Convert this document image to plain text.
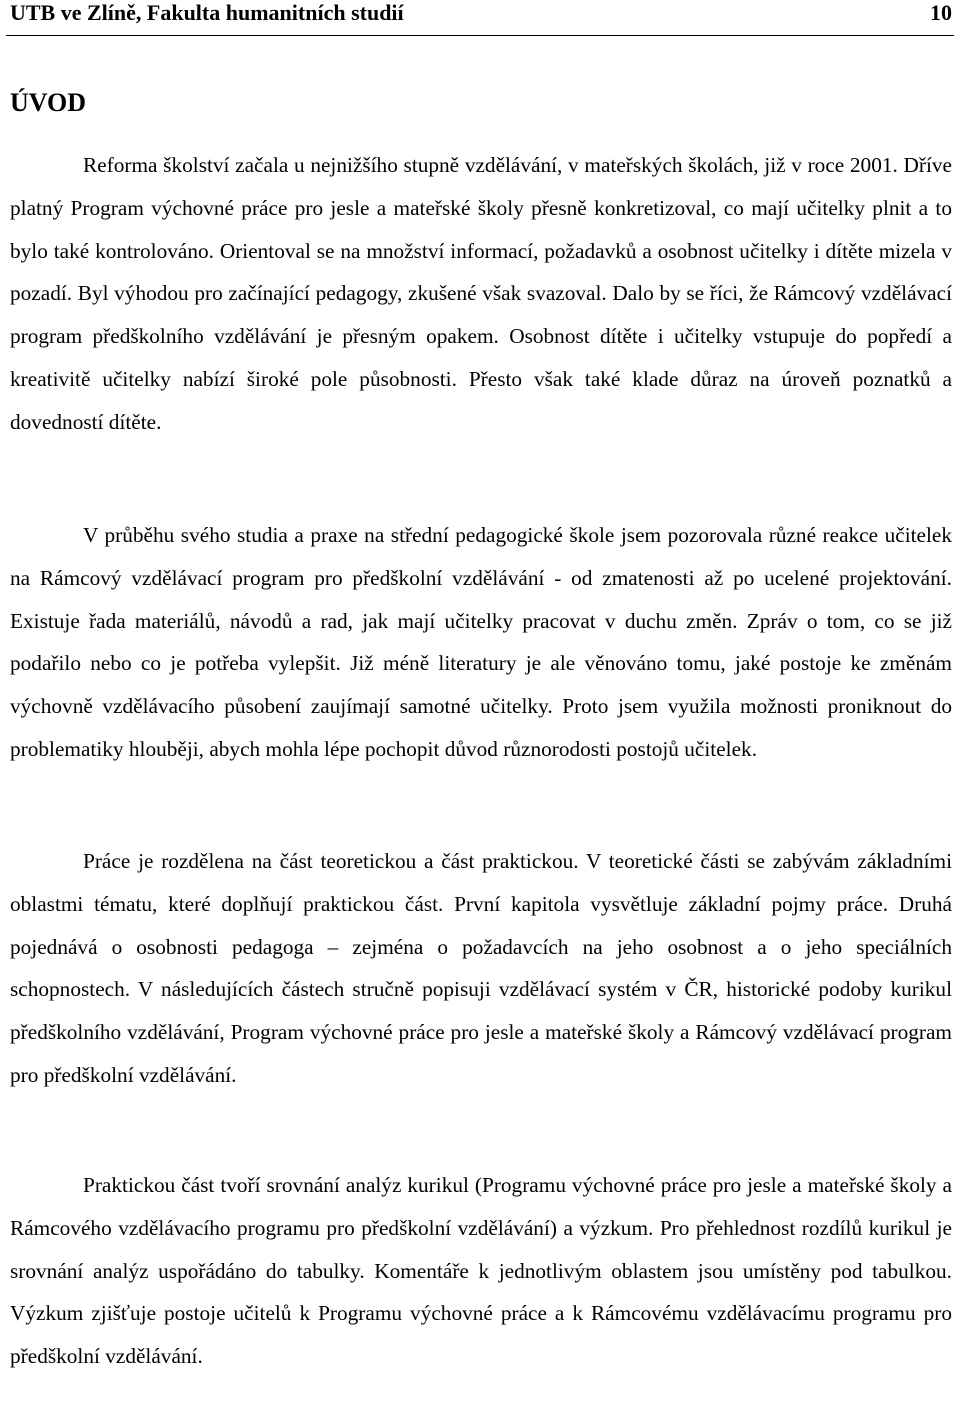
UTB ve Zlíně, Fakulta humanitních studií	10
ÚVOD

Reforma školství začala u nejnižšího stupně vzdělávání, v mateřských školách, již v roce 2001. Dříve platný Program výchovné práce pro jesle a mateřské školy přesně konkretizoval, co mají učitelky plnit a to bylo také kontrolováno. Orientoval se na množství informací, požadavků a osobnost učitelky i dítěte mizela v pozadí. Byl výhodou pro začínající pedagogy, zkušené však svazoval. Dalo by se říci, že Rámcový vzdělávací program předškolního vzdělávání je přesným opakem. Osobnost dítěte i učitelky vstupuje do popředí a kreativitě učitelky nabízí široké pole působnosti. Přesto však také klade důraz na úroveň poznatků a dovedností dítěte.

V průběhu svého studia a praxe na střední pedagogické škole jsem pozorovala různé reakce učitelek na Rámcový vzdělávací program pro předškolní vzdělávání - od zmatenosti až po ucelené projektování. Existuje řada materiálů, návodů a rad, jak mají učitelky pracovat v duchu změn. Zpráv o tom, co se již podařilo nebo co je potřeba vylepšit. Již méně literatury je ale věnováno tomu, jaké postoje ke změnám výchovně vzdělávacího působení zaujímají samotné učitelky. Proto jsem využila možnosti proniknout do problematiky hlouběji, abych mohla lépe pochopit důvod různorodosti postojů učitelek.

Práce je rozdělena na část teoretickou a část praktickou. V teoretické části se zabývám základními oblastmi tématu, které doplňují praktickou část. První kapitola vysvětluje základní pojmy práce. Druhá pojednává o osobnosti pedagoga – zejména o požadavcích na jeho osobnost a o jeho speciálních schopnostech. V následujících částech stručně popisuji vzdělávací systém v ČR, historické podoby kurikul předškolního vzdělávání, Program výchovné práce pro jesle a mateřské školy a Rámcový vzdělávací program pro předškolní vzdělávání.

Praktickou část tvoří srovnání analýz kurikul (Programu výchovné práce pro jesle a mateřské školy a Rámcového vzdělávacího programu pro předškolní vzdělávání) a výzkum. Pro přehlednost rozdílů kurikul je srovnání analýz uspořádáno do tabulky. Komentáře k jednotlivým oblastem jsou umístěny pod tabulkou. Výzkum zjišťuje postoje učitelů k Programu výchovné práce a k Rámcovému vzdělávacímu programu pro předškolní vzdělávání.
